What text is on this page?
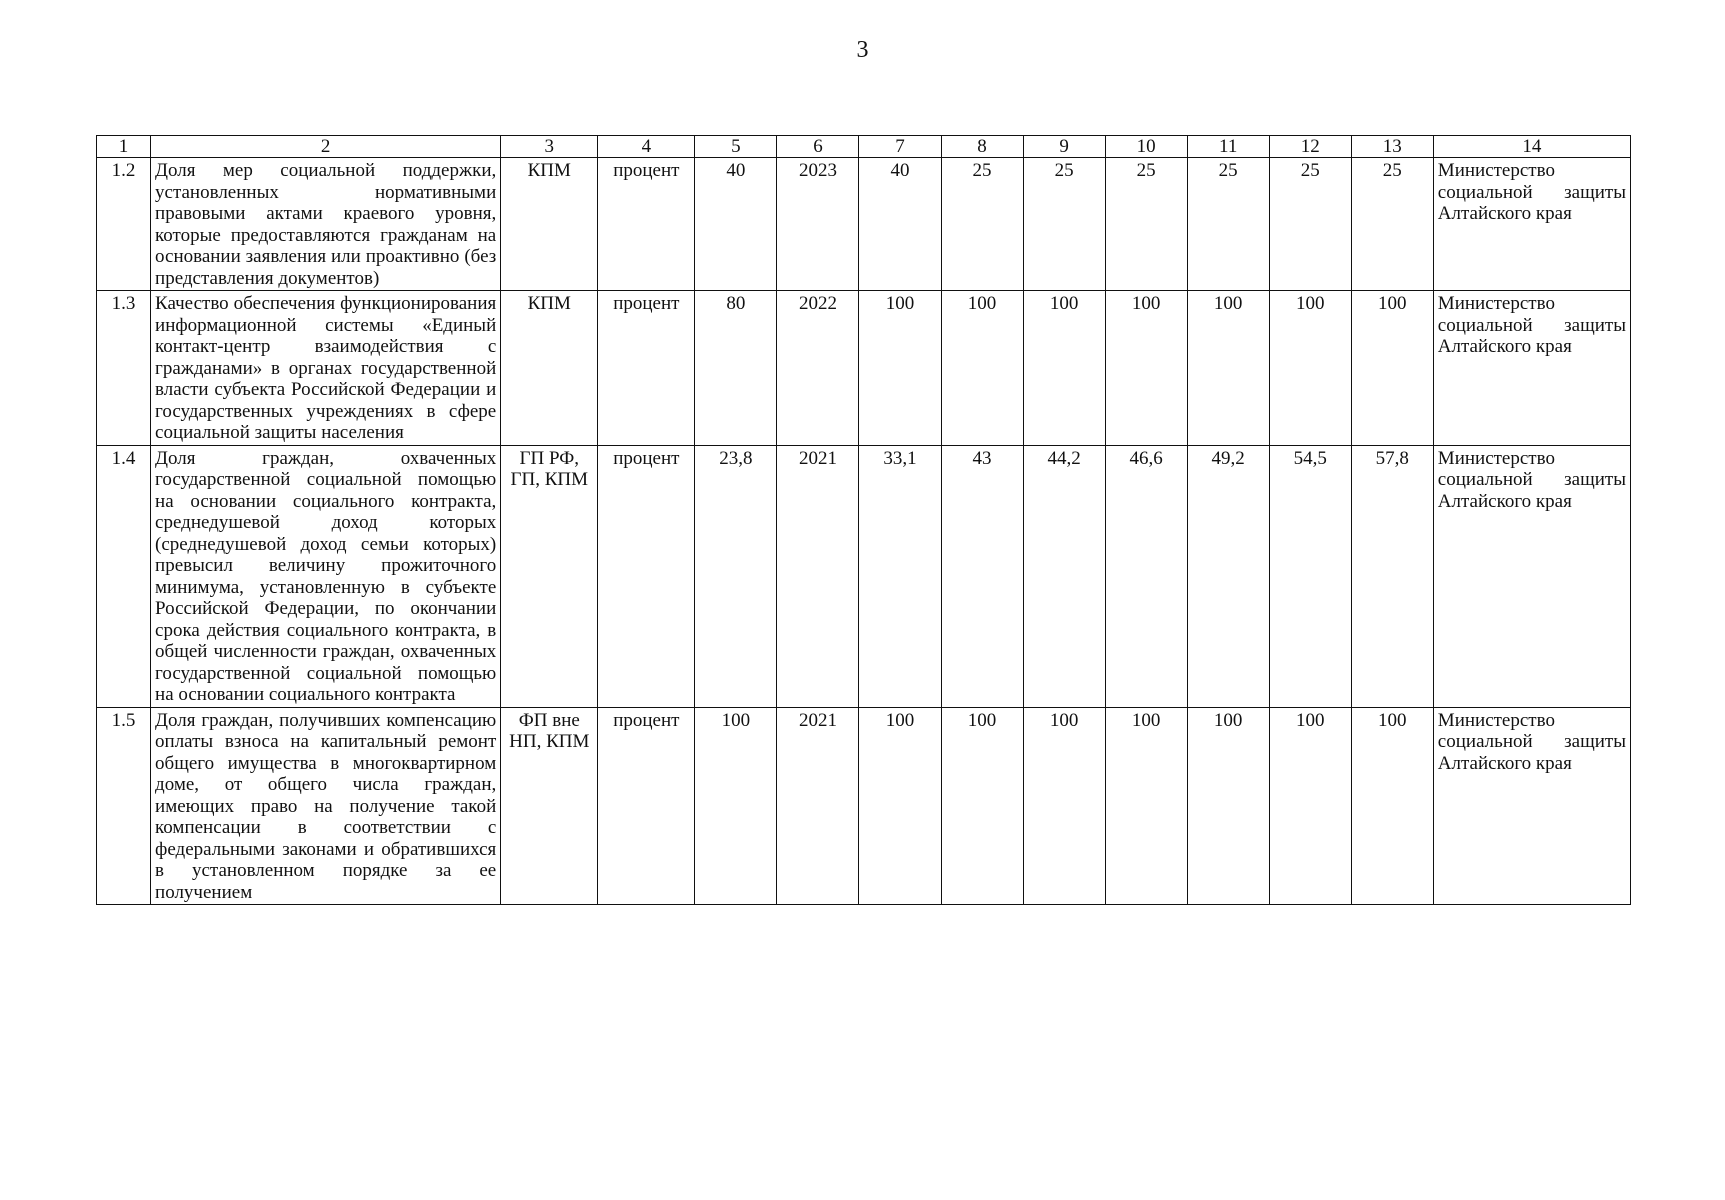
3
1	2	3	4	5	6	7	8	9	10	11	12	13	14
1.2	Доля мер социальной поддержки, установленных нормативными правовыми актами краевого уровня, которые предоставляются гражданам на основании заявления или проактивно (без представления документов)	КПМ	процент	40	2023	40	25	25	25	25	25	25	Министерство социальной защиты Алтайского края
1.3	Качество обеспечения функционирования информационной системы «Единый контакт-центр взаимодействия с гражданами» в органах государственной власти субъекта Российской Федерации и государственных учреждениях в сфере социальной защиты населения	КПМ	процент	80	2022	100	100	100	100	100	100	100	Министерство социальной защиты Алтайского края
1.4	Доля граждан, охваченных государственной социальной помощью на основании социального контракта, среднедушевой доход которых (среднедушевой доход семьи которых) превысил величину прожиточного минимума, установленную в субъекте Российской Федерации, по окончании срока действия социального контракта, в общей численности граждан, охваченных государственной социальной помощью на основании социального контракта	ГП РФ, ГП, КПМ	процент	23,8	2021	33,1	43	44,2	46,6	49,2	54,5	57,8	Министерство социальной защиты Алтайского края
1.5	Доля граждан, получивших компенсацию оплаты взноса на капитальный ремонт общего имущества в многоквартирном доме, от общего числа граждан, имеющих право на получение такой компенсации в соответствии с федеральными законами и обратившихся в установленном порядке за ее получением	ФП вне НП, КПМ	процент	100	2021	100	100	100	100	100	100	100	Министерство социальной защиты Алтайского края
